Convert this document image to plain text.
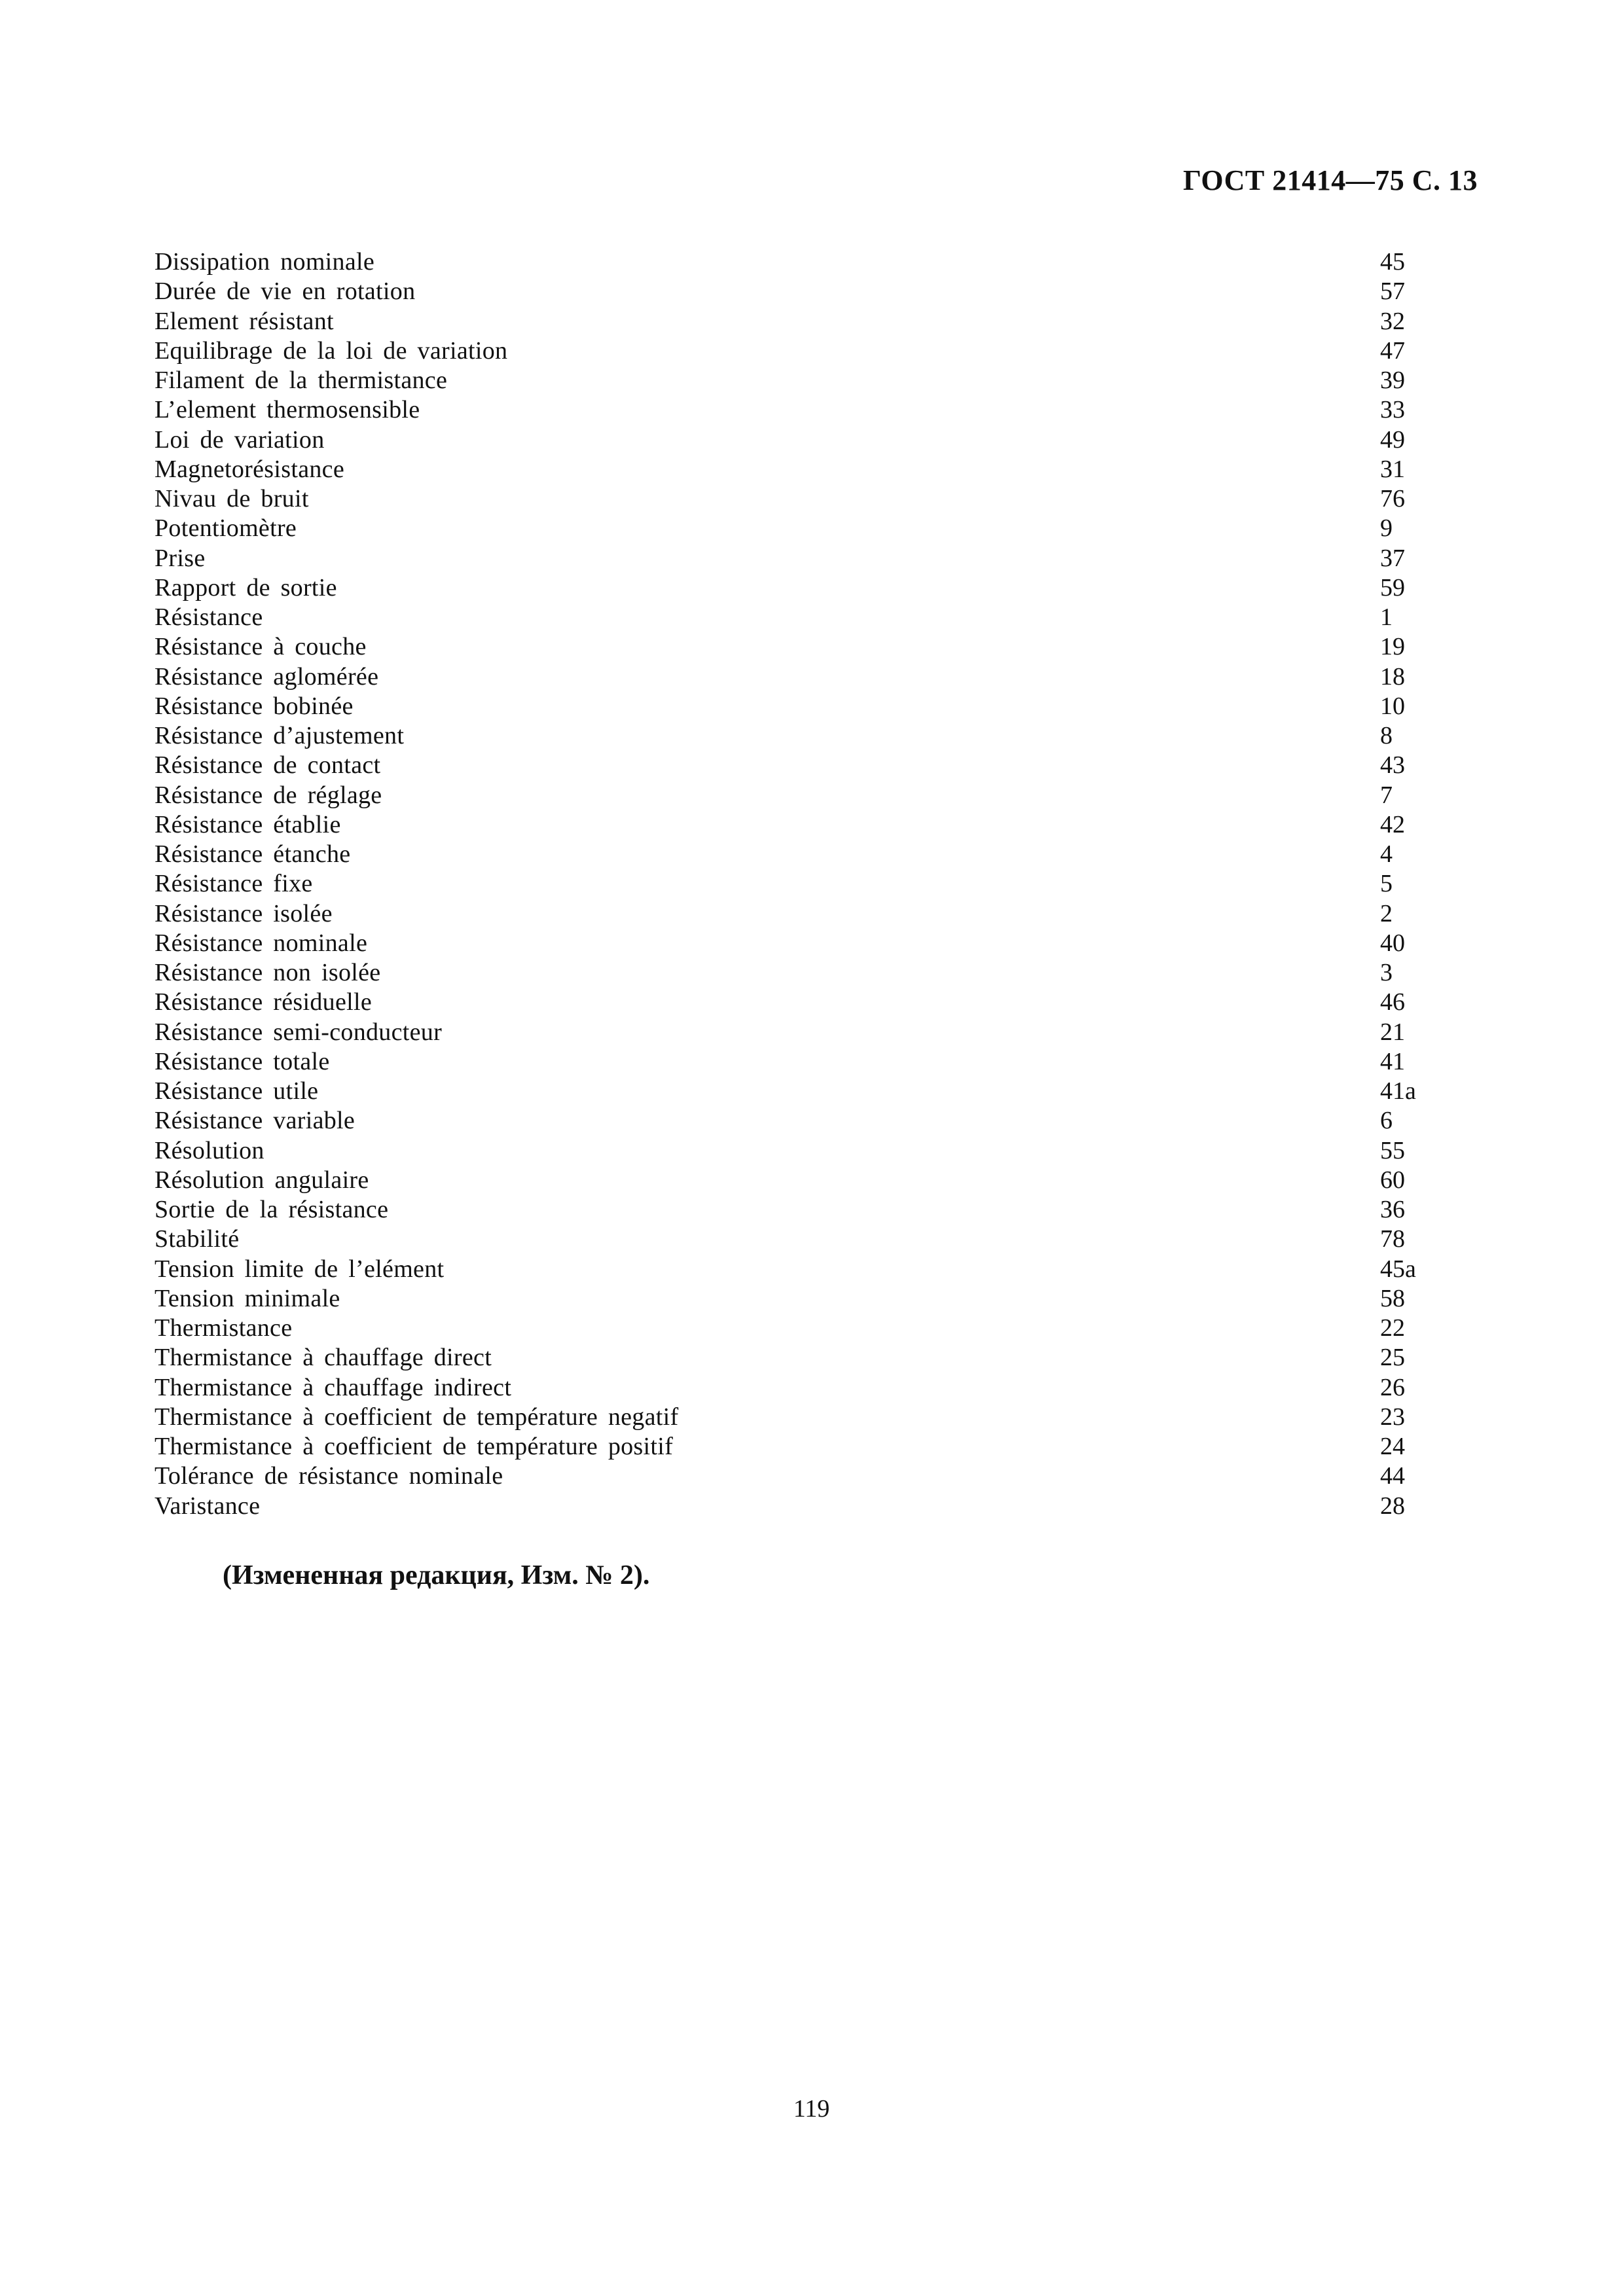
ГОСТ 21414—75 С. 13
Dissipation nominale	45
Durée de vie en rotation	57
Element résistant	32
Equilibrage de la loi de variation	47
Filament de la thermistance	39
L’element thermosensible	33
Loi de variation	49
Magnetorésistance	31
Nivau de bruit	76
Potentiomètre	9
Prise	37
Rapport de sortie	59
Résistance	1
Résistance à couche	19
Résistance aglomérée	18
Résistance bobinée	10
Résistance d’ajustement	8
Résistance de contact	43
Résistance de réglage	7
Résistance établie	42
Résistance étanche	4
Résistance fixe	5
Résistance isolée	2
Résistance nominale	40
Résistance non isolée	3
Résistance résiduelle	46
Résistance semi-conducteur	21
Résistance totale	41
Résistance utile	41a
Résistance variable	6
Résolution	55
Résolution angulaire	60
Sortie de la résistance	36
Stabilité	78
Tension limite de l’elément	45a
Tension minimale	58
Thermistance	22
Thermistance à chauffage direct	25
Thermistance à chauffage indirect	26
Thermistance à coefficient de température negatif	23
Thermistance à coefficient de température positif	24
Tolérance de résistance nominale	44
Varistance	28
(Измененная редакция, Изм. № 2).
119
